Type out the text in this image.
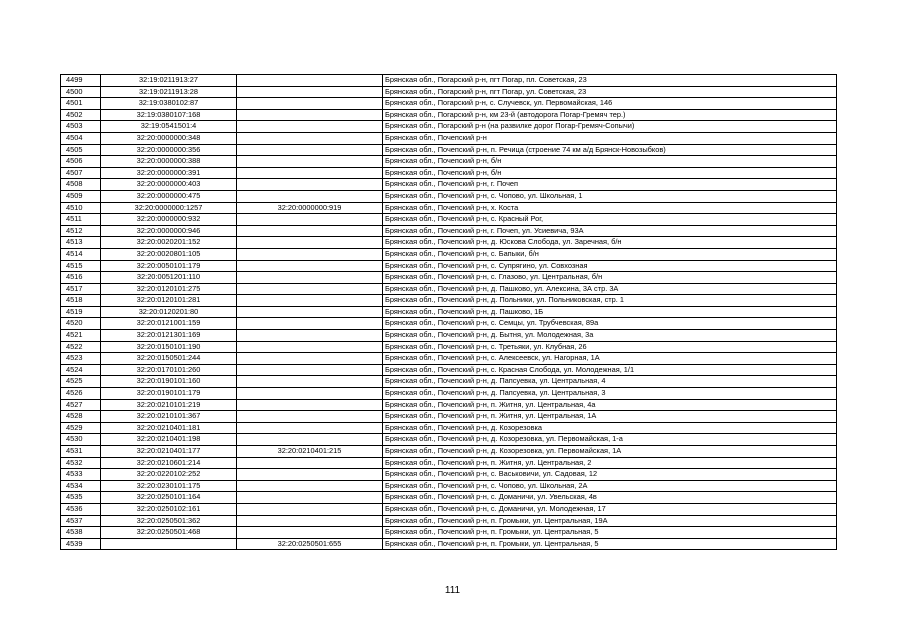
4499	32:19:0211913:27		Брянская обл., Погарский р-н, пгт Погар, пл. Советская, 23
4500	32:19:0211913:28		Брянская обл., Погарский р-н, пгт Погар, ул. Советская, 23
4501	32:19:0380102:87		Брянская обл., Погарский р-н, с. Случевск, ул. Первомайская, 146
4502	32:19:0380107:168		Брянская обл., Погарский р-н, км 23-й (автодорога Погар-Гремяч тер.)
4503	32:19:0541501:4		Брянская обл., Погарский р-н (на развилке дорог Погар-Гремяч-Сопычи)
4504	32:20:0000000:348		Брянская обл., Почепский р-н
4505	32:20:0000000:356		Брянская обл., Почепский р-н, п. Речица (строение 74 км а/д Брянск-Новозыбков)
4506	32:20:0000000:388		Брянская обл., Почепский р-н, б/н
4507	32:20:0000000:391		Брянская обл., Почепский р-н, б/н
4508	32:20:0000000:403		Брянская обл., Почепский р-н, г. Почеп
4509	32:20:0000000:475		Брянская обл., Почепский р-н, с. Чопово, ул. Школьная, 1
4510	32:20:0000000:1257	32:20:0000000:919	Брянская обл., Почепский р-н, х. Коста
4511	32:20:0000000:932		Брянская обл., Почепский р-н, с. Красный Рог,
4512	32:20:0000000:946		Брянская обл., Почепский р-н, г. Почеп, ул. Усиевича, 93А
4513	32:20:0020201:152		Брянская обл., Почепский р-н, д. Юскова Слобода, ул. Заречная, б/н
4514	32:20:0020801:105		Брянская обл., Почепский р-н, с. Бапыки, б/н
4515	32:20:0050101:179		Брянская обл., Почепский р-н, с. Супрягино, ул. Совхозная
4516	32:20:0051201:110		Брянская обл., Почепский р-н, с. Глазово, ул. Центральная, б/н
4517	32:20:0120101:275		Брянская обл., Почепский р-н, д. Пашково, ул. Алексина, 3А стр. 3А
4518	32:20:0120101:281		Брянская обл., Почепский р-н, д. Польники, ул. Польниковская, стр. 1
4519	32:20:0120201:80		Брянская обл., Почепский р-н, д. Пашково, 1Б
4520	32:20:0121001:159		Брянская обл., Почепский р-н, с. Семцы, ул. Трубчевская, 89а
4521	32:20:0121301:169		Брянская обл., Почепский р-н, д. Бытня, ул. Молодежная, 3а
4522	32:20:0150101:190		Брянская обл., Почепский р-н, с. Третьяки, ул. Клубная, 26
4523	32:20:0150501:244		Брянская обл., Почепский р-н, с. Алексеевск, ул. Нагорная, 1А
4524	32:20:0170101:260		Брянская обл., Почепский р-н, с. Красная Слобода, ул. Молодежная, 1/1
4525	32:20:0190101:160		Брянская обл., Почепский р-н, д. Папсуевка, ул. Центральная, 4
4526	32:20:0190101:179		Брянская обл., Почепский р-н, д. Папсуевка, ул. Центральная, 3
4527	32:20:0210101:219		Брянская обл., Почепский р-н, п. Житня, ул. Центральная, 4а
4528	32:20:0210101:367		Брянская обл., Почепский р-н, п. Житня, ул. Центральная, 1А
4529	32:20:0210401:181		Брянская обл., Почепский р-н, д. Козорезовка
4530	32:20:0210401:198		Брянская обл., Почепский р-н, д. Козорезовка, ул. Первомайская, 1-а
4531	32:20:0210401:177	32:20:0210401:215	Брянская обл., Почепский р-н, д. Козорезовка, ул. Первомайская, 1А
4532	32:20:0210601:214		Брянская обл., Почепский р-н, п. Житня, ул. Центральная, 2
4533	32:20:0220102:252		Брянская обл., Почепский р-н, с. Васьковичи, ул. Садовая, 12
4534	32:20:0230101:175		Брянская обл., Почепский р-н, с. Чопово, ул. Школьная, 2А
4535	32:20:0250101:164		Брянская обл., Почепский р-н, с. Доманичи, ул. Увельская, 4в
4536	32:20:0250102:161		Брянская обл., Почепский р-н, с. Доманичи, ул. Молодежная, 17
4537	32:20:0250501:362		Брянская обл., Почепский р-н, п. Громыки, ул. Центральная, 19А
4538	32:20:0250501:468		Брянская обл., Почепский р-н, п. Громыки, ул. Центральная, 5
4539		32:20:0250501:655	Брянская обл., Почепский р-н, п. Громыки, ул. Центральная, 5
111
